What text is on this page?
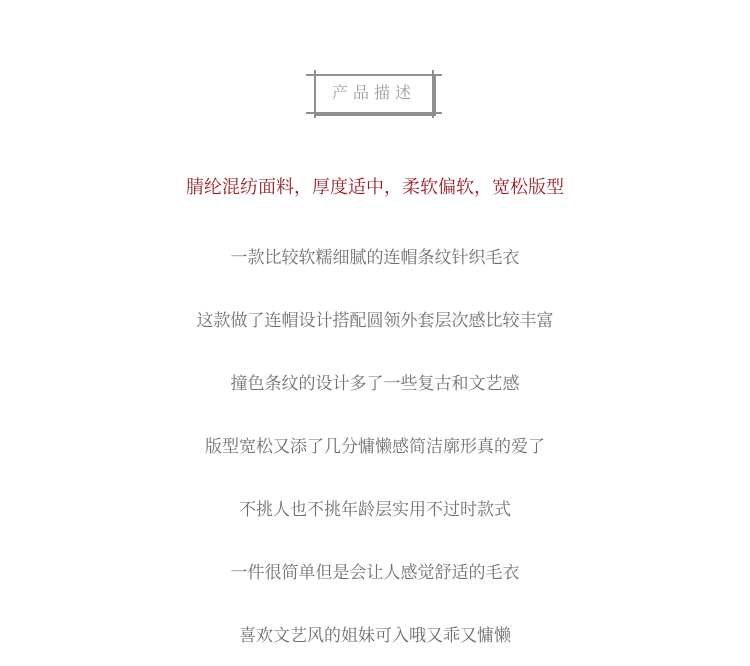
产品描述
腈纶混纺面料，厚度适中，柔软偏软，宽松版型
一款比较软糯细腻的连帽条纹针织毛衣
这款做了连帽设计搭配圆领外套层次感比较丰富
撞色条纹的设计多了一些复古和文艺感
版型宽松又添了几分慵懒感简洁廓形真的爱了
不挑人也不挑年龄层实用不过时款式
一件很简单但是会让人感觉舒适的毛衣
喜欢文艺风的姐妹可入哦又乖又慵懒
